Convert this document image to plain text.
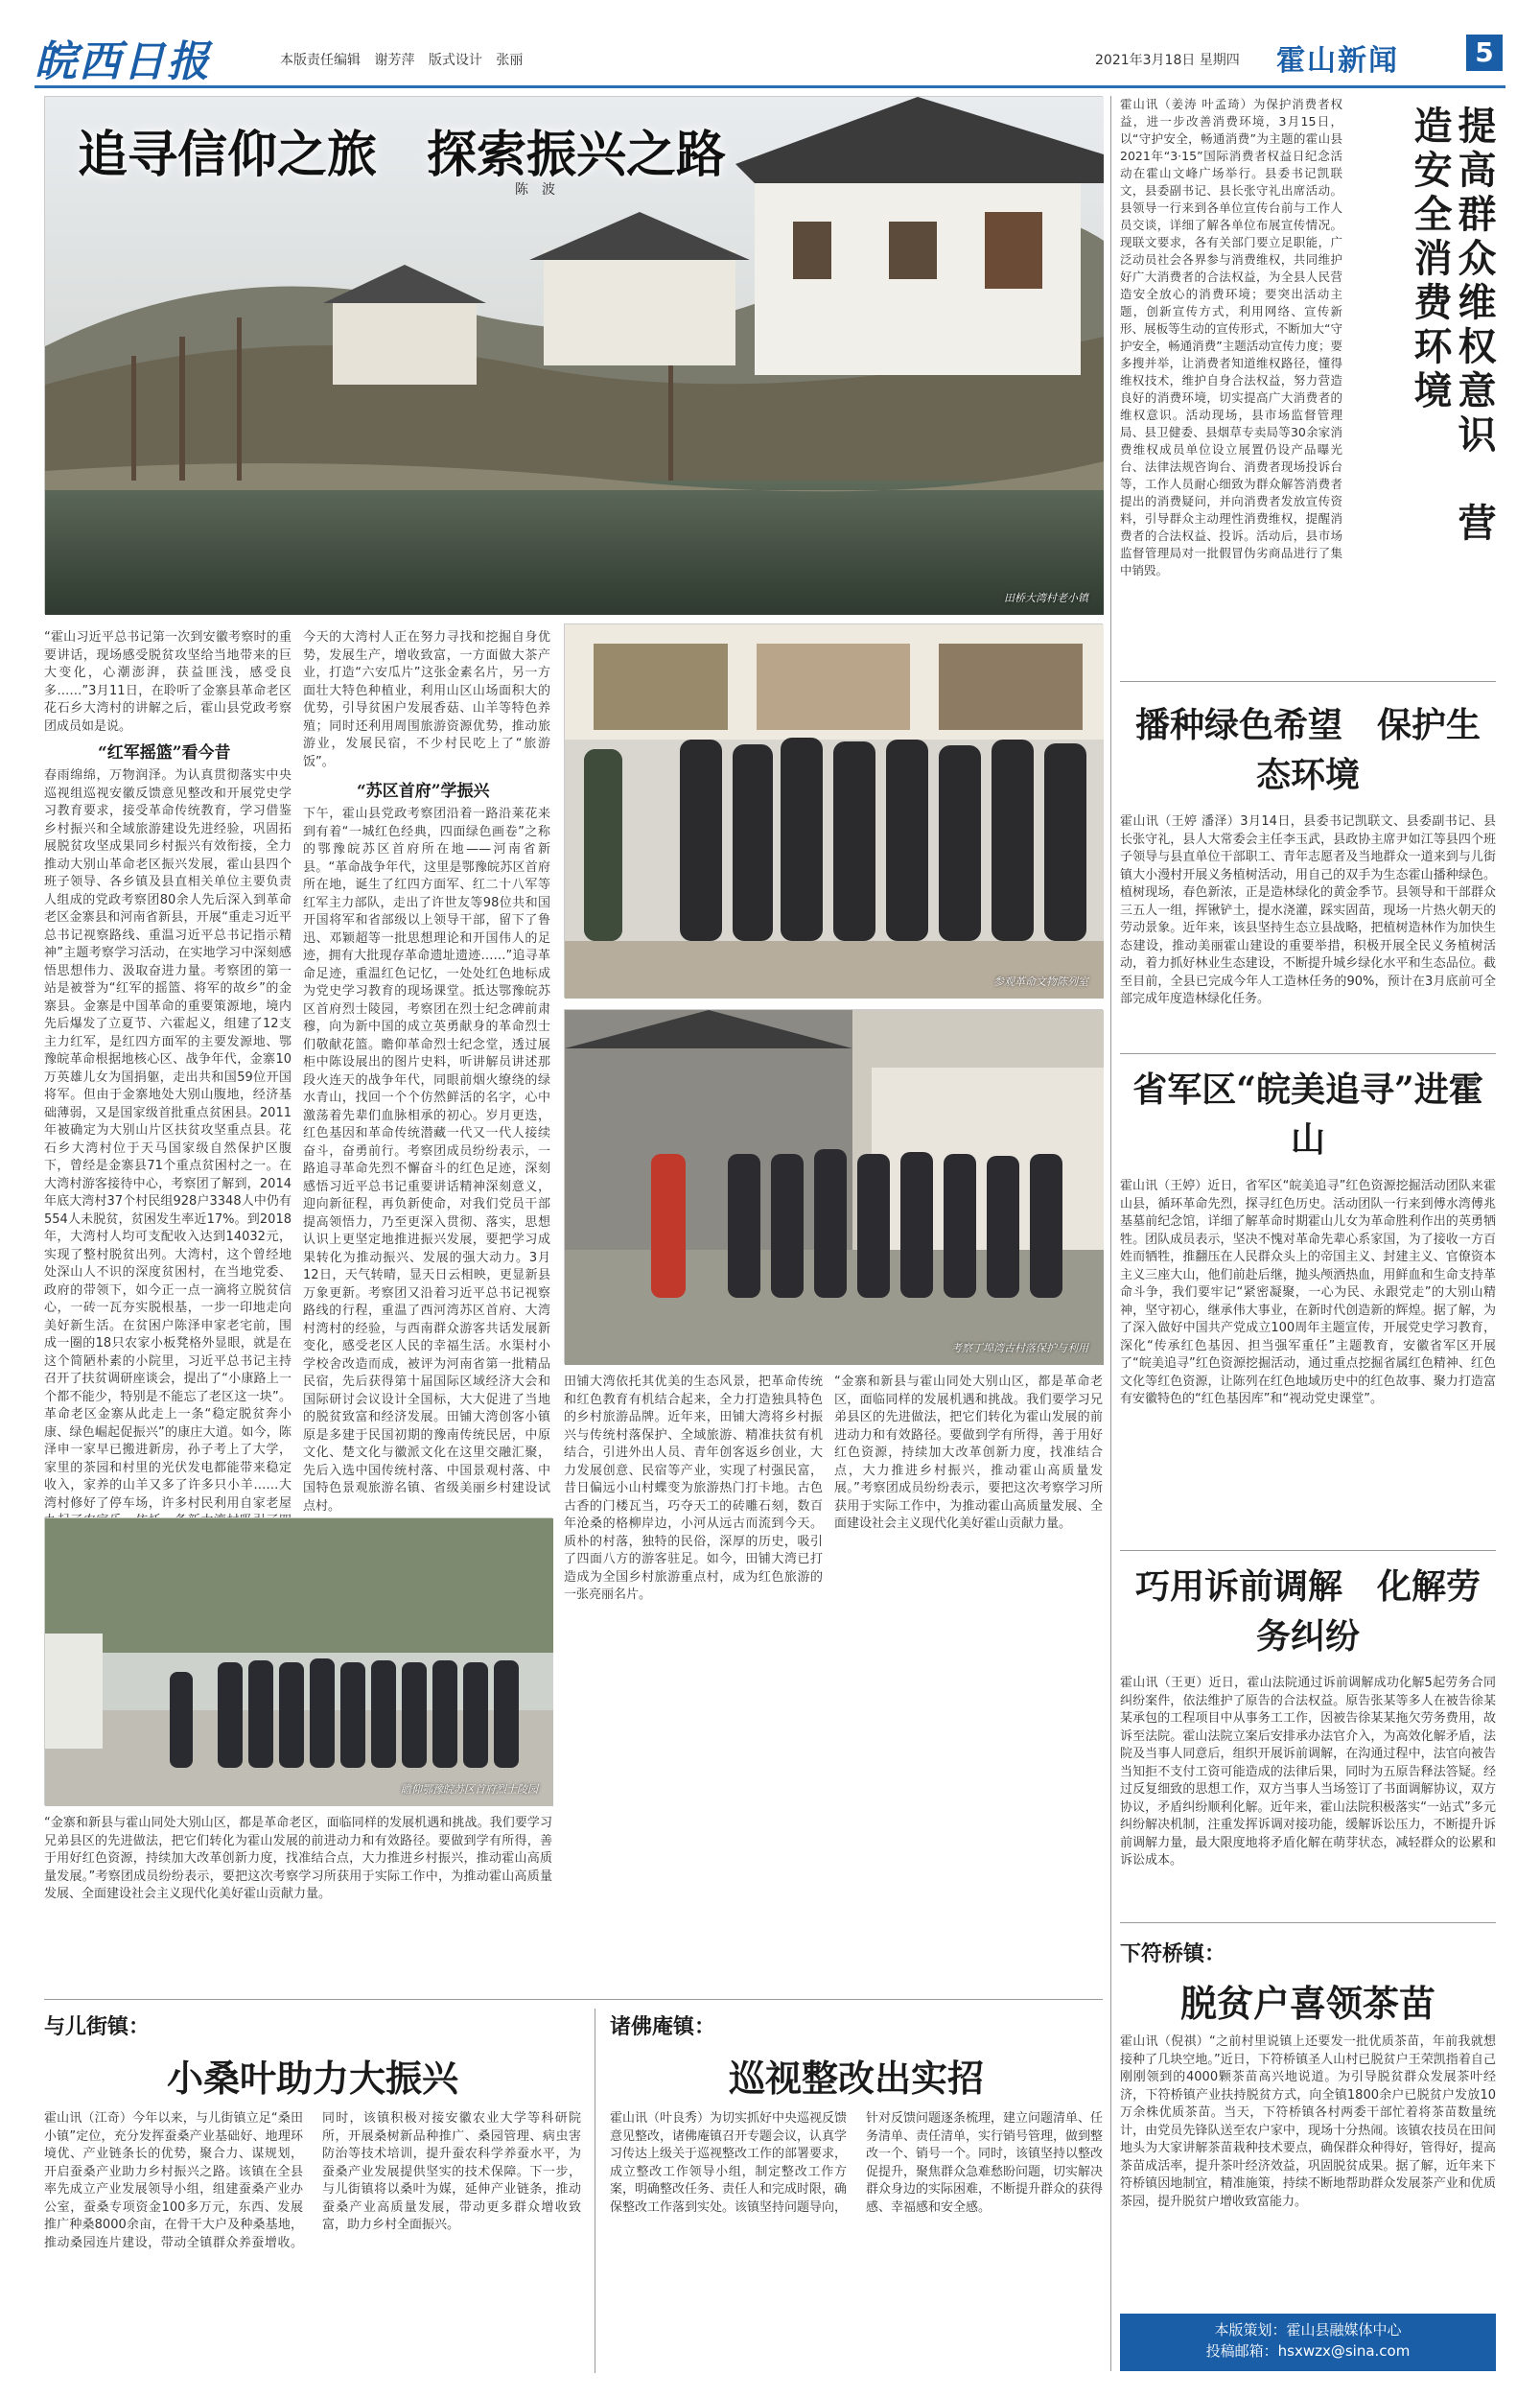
皖西日报	本版责任编辑 谢芳萍 版式设计 张丽	2021年3月18日 星期四 霍山新闻	5
追寻信仰之旅　探索振兴之路
陈　波
田桥大湾村老小镇
霍山讯（姜涛 叶孟琦）为保护消费者权益，进一步改善消费环境，3月15日，以“守护安全，畅通消费”为主题的霍山县2021年“3·15”国际消费者权益日纪念活动在霍山文峰广场举行。县委书记凯联文，县委副书记、县长张守礼出席活动。县领导一行来到各单位宣传台前与工作人员交谈，详细了解各单位布展宣传情况。现联文要求，各有关部门要立足职能，广泛动员社会各界参与消费维权，共同维护好广大消费者的合法权益，为全县人民营造安全放心的消费环境；要突出活动主题，创新宣传方式，利用网络、宣传新形、展板等生动的宣传形式，不断加大“守护安全，畅通消费”主题活动宣传力度；要多搜并举，让消费者知道维权路径，懂得维权技术，维护自身合法权益，努力营造良好的消费环境，切实提高广大消费者的维权意识。活动现场，县市场监督管理局、县卫健委、县烟草专卖局等30余家消费维权成员单位设立展置仍设产品曝光台、法律法规咨询台、消费者现场投诉台等，工作人员耐心细致为群众解答消费者提出的消费疑问，并向消费者发放宣传资料，引导群众主动理性消费维权，提醒消费者的合法权益、投诉。活动后，县市场监督管理局对一批假冒伪劣商品进行了集中销毁。
提高群众维权意识　营造安全消费环境
“霍山习近平总书记第一次到安徽考察时的重要讲话，现场感受脱贫攻坚给当地带来的巨大变化，心潮澎湃，获益匪浅，感受良多……”3月11日，在聆听了金寨县革命老区花石乡大湾村的讲解之后，霍山县党政考察团成员如是说。
“红军摇篮”看今昔
春雨绵绵，万物润泽。为认真贯彻落实中央巡视组巡视安徽反馈意见整改和开展党史学习教育要求，接受革命传统教育，学习借鉴乡村振兴和全域旅游建设先进经验，巩固拓展脱贫攻坚成果同乡村振兴有效衔接，全力推动大别山革命老区振兴发展，霍山县四个班子领导、各乡镇及县直相关单位主要负责人组成的党政考察团80余人先后深入到革命老区金寨县和河南省新县，开展“重走习近平总书记视察路线、重温习近平总书记指示精神”主题考察学习活动，在实地学习中深刻感悟思想伟力、汲取奋进力量。考察团的第一站是被誉为“红军的摇篮、将军的故乡”的金寨县。金寨是中国革命的重要策源地，境内先后爆发了立夏节、六霍起义，组建了12支主力红军，是红四方面军的主要发源地、鄂豫皖革命根据地核心区、战争年代，金寨10万英雄儿女为国捐躯，走出共和国59位开国将军。但由于金寨地处大别山腹地，经济基础薄弱，又是国家级首批重点贫困县。2011年被确定为大别山片区扶贫攻坚重点县。花石乡大湾村位于天马国家级自然保护区腹下，曾经是金寨县71个重点贫困村之一。在大湾村游客接待中心，考察团了解到，2014年底大湾村37个村民组928户3348人中仍有554人未脱贫，贫困发生率近17%。到2018年，大湾村人均可支配收入达到14032元，实现了整村脱贫出列。大湾村，这个曾经地处深山人不识的深度贫困村，在当地党委、政府的带领下，如今正一点一滴将立脱贫信心，一砖一瓦夯实脱根基，一步一印地走向美好新生活。在贫困户陈泽申家老宅前，围成一圈的18只农家小板凳格外显眼，就是在这个简陋朴素的小院里，习近平总书记主持召开了扶贫调研座谈会，提出了“小康路上一个都不能少，特别是不能忘了老区这一块”。革命老区金寨从此走上一条“稳定脱贫奔小康、绿色崛起促振兴”的康庄大道。如今，陈泽申一家早已搬进新房，孙子考上了大学，家里的茶园和村里的光伏发电都能带来稳定收入，家养的山羊又多了许多只小羊……大湾村修好了停车场，许多村民利用自家老屋
今天的大湾村人正在努力寻找和挖掘自身优势，发展生产，增收致富，一方面做大茶产业，打造“六安瓜片”这张金素名片，另一方面壮大特色种植业，利用山区山场面积大的优势，引导贫困户发展香菇、山羊等特色养殖；同时还利用周围旅游资源优势，推动旅游业，发展民宿，不少村民吃上了“旅游饭”。
“苏区首府”学振兴
下午，霍山县党政考察团沿着一路沿莱花来到有着“一城红色经典，四面绿色画卷”之称的鄂豫皖苏区首府所在地——河南省新县。“革命战争年代，这里是鄂豫皖苏区首府所在地，诞生了红四方面军、红二十八军等红军主力部队，走出了许世友等98位共和国开国将军和省部级以上领导干部，留下了鲁迅、邓颖超等一批思想理论和开国伟人的足迹，拥有大批现存革命遗址遗迹……”追寻革命足迹，重温红色记忆，一处处红色地标成为党史学习教育的现场课堂。抵达鄂豫皖苏区首府烈士陵园，考察团在烈士纪念碑前肃穆，向为新中国的成立英勇献身的革命烈士们敬献花篮。瞻仰革命烈士纪念堂，透过展柜中陈设展出的图片史料，听讲解员讲述那段火连天的战争年代，同眼前烟火缭绕的绿水青山，找回一个个仿然鲜活的名字，心中激荡着先辈们血脉相承的初心。岁月更迭，红色基因和革命传统潜藏一代又一代人接续奋斗，奋勇前行。考察团成员纷纷表示，一路追寻革命先烈不懈奋斗的红色足迹，深刻感悟习近平总书记重要讲话精神深刻意义，迎向新征程，再负新使命，对我们党员干部提高领悟力，乃至更深入贯彻、落实，思想认识上更坚定地推进振兴发展，要把学习成果转化为推动振兴、发展的强大动力。3月12日，天气转晴，显天日云相映，更显新县万象更新。考察团又沿着习近平总书记视察路线的行程，重温了西河湾苏区首府、大湾村湾村的经验，与西南群众游客共话发展新变化，感受老区人民的幸福生活。水渠村小学校舍改造而成，被评为河南省第一批精品民宿，先后获得第十届国际区域经济大会和国际研讨会议设计全国标，大大促进了当地的脱贫致富和经济发展。田铺大湾创客小镇原是多建于民国初期的豫南传统民居，中原文化、楚文化与徽派文化在这里交融汇聚，先后入选中国传统村落、中国景观村落、中国特色景观旅游名镇、省级美丽乡村建设试点村。
参观革命文物陈列室
考察丁埠湾古村落保护与利用
田铺大湾依托其优美的生态风景，把革命传统和红色教育有机结合起来，全力打造独具特色的乡村旅游品牌。近年来，田铺大湾将乡村振兴与传统村落保护、全域旅游、精准扶贫有机结合，引进外出人员、青年创客返乡创业，大力发展创意、民宿等产业，实现了村强民富，昔日偏远小山村蝶变为旅游热门打卡地。古色古香的门楼瓦当，巧夺天工的砖雕石刻，数百年沧桑的格柳岸边，小河从远古而流到今天。质朴的村落，独特的民俗，深厚的历史，吸引了四面八方的游客驻足。如今，田铺大湾已打造成为全国乡村旅游重点村，成为红色旅游的一张亮丽名片。
“金寨和新县与霍山同处大别山区，都是革命老区，面临同样的发展机遇和挑战。我们要学习兄弟县区的先进做法，把它们转化为霍山发展的前进动力和有效路径。要做到学有所得，善于用好红色资源，持续加大改革创新力度，找准结合点，大力推进乡村振兴，推动霍山高质量发展。”考察团成员纷纷表示，要把这次考察学习所获用于实际工作中，为推动霍山高质量发展、全面建设社会主义现代化美好霍山贡献力量。
瞻仰鄂豫皖苏区首府烈士陵园
“金寨和新县与霍山同处大别山区，都是革命老区，面临同样的发展机遇和挑战。我们要学习兄弟县区的先进做法，把它们转化为霍山发展的前进动力和有效路径。要做到学有所得，善于用好红色资源，持续加大改革创新力度，找准结合点，大力推进乡村振兴，推动霍山高质量发展。”考察团成员纷纷表示，要把这次考察学习所获用于实际工作中，为推动霍山高质量发展、全面建设社会主义现代化美好霍山贡献力量。
播种绿色希望　保护生态环境
霍山讯（王婷 潘泽）3月14日，县委书记凯联文、县委副书记、县长张守礼，县人大常委会主任李玉武，县政协主席尹如江等县四个班子领导与县直单位干部职工、青年志愿者及当地群众一道来到与儿街镇大小漫村开展义务植树活动，用自己的双手为生态霍山播种绿色。植树现场，春色新浓，正是造林绿化的黄金季节。县领导和干部群众三五人一组，挥锹铲土，提水浇灌，踩实固苗，现场一片热火朝天的劳动景象。近年来，该县坚持生态立县战略，把植树造林作为加快生态建设，推动美丽霍山建设的重要举措，积极开展全民义务植树活动，着力抓好林业生态建设，不断提升城乡绿化水平和生态品位。截至目前，全县已完成今年人工造林任务的90%，预计在3月底前可全部完成年度造林绿化任务。
省军区“皖美追寻”进霍山
霍山讯（王婷）近日，省军区“皖美追寻”红色资源挖掘活动团队来霍山县，循环革命先烈，探寻红色历史。活动团队一行来到傅水湾傅兆基墓前纪念馆，详细了解革命时期霍山儿女为革命胜利作出的英勇牺牲。团队成员表示，坚决不愧对革命先辈心系家国，为了接收一方百姓而牺牲，推翻压在人民群众头上的帝国主义、封建主义、官僚资本主义三座大山，他们前赴后继，抛头颅洒热血，用鲜血和生命支持革命斗争，我们要牢记“紧密凝聚，一心为民、永跟党走”的大别山精神，坚守初心，继承伟大事业，在新时代创造新的辉煌。据了解，为了深入做好中国共产党成立100周年主题宣传，开展党史学习教育，深化“传承红色基因、担当强军重任”主题教育，安徽省军区开展了“皖美追寻”红色资源挖掘活动，通过重点挖掘省属红色精神、红色文化等红色资源，让陈列在红色地域历史中的红色故事、聚力打造富有安徽特色的“红色基因库”和“视动党史课堂”。
巧用诉前调解　化解劳务纠纷
霍山讯（王更）近日，霍山法院通过诉前调解成功化解5起劳务合同纠纷案件，依法维护了原告的合法权益。原告张某等多人在被告徐某某承包的工程项目中从事务工工作，因被告徐某某拖欠劳务费用，故诉至法院。霍山法院立案后安排承办法官介入，为高效化解矛盾，法院及当事人同意后，组织开展诉前调解，在沟通过程中，法官向被告当知拒不支付工资可能造成的法律后果，同时为五原告释法答疑。经过反复细致的思想工作，双方当事人当场签订了书面调解协议，双方协议，矛盾纠纷顺利化解。近年来，霍山法院积极落实“一站式”多元纠纷解决机制，注重发挥诉调对接功能，缓解诉讼压力，不断提升诉前调解力量，最大限度地将矛盾化解在萌芽状态，减轻群众的讼累和诉讼成本。
下符桥镇：
脱贫户喜领茶苗
霍山讯（倪祺）“之前村里说镇上还要发一批优质茶苗，年前我就想接种了几块空地。”近日，下符桥镇圣人山村已脱贫户王荣凯指着自己刚刚领到的4000颗茶苗高兴地说道。为引导脱贫群众发展茶叶经济，下符桥镇产业扶持脱贫方式，向全镇1800余户已脱贫户发放10万余株优质茶苗。当天，下符桥镇各村两委干部忙着将茶苗数量统计，由党员先锋队送至农户家中，现场十分热闹。该镇农技员在田间地头为大家讲解茶苗栽种技术要点，确保群众种得好，管得好，提高茶苗成活率，提升茶叶经济效益，巩固脱贫成果。据了解，近年来下符桥镇因地制宜，精准施策，持续不断地帮助群众发展茶产业和优质茶园，提升脱贫户增收致富能力。
本版策划：霍山县融媒体中心
投稿邮箱：hsxwzx@sina.com
与儿街镇：
小桑叶助力大振兴
霍山讯（江奇）今年以来，与儿街镇立足“桑田小镇”定位，充分发挥蚕桑产业基础好、地理环境优、产业链条长的优势，聚合力、谋规划，开启蚕桑产业助力乡村振兴之路。该镇在全县率先成立产业发展领导小组，组建蚕桑产业办公室，蚕桑专项资金100多万元，东西、发展推广种桑8000余亩，在骨干大户及种桑基地，推动桑园连片建设，带动全镇群众养蚕增收。同时，该镇积极对接安徽农业大学等科研院所，开展桑树新品种推广、桑园管理、病虫害防治等技术培训，提升蚕农科学养蚕水平，为蚕桑产业发展提供坚实的技术保障。下一步，与儿街镇将以桑叶为媒，延伸产业链条，推动蚕桑产业高质量发展，带动更多群众增收致富，助力乡村全面振兴。
诸佛庵镇：
巡视整改出实招
霍山讯（叶良秀）为切实抓好中央巡视反馈意见整改，诸佛庵镇召开专题会议，认真学习传达上级关于巡视整改工作的部署要求，成立整改工作领导小组，制定整改工作方案，明确整改任务、责任人和完成时限，确保整改工作落到实处。该镇坚持问题导向，针对反馈问题逐条梳理，建立问题清单、任务清单、责任清单，实行销号管理，做到整改一个、销号一个。同时，该镇坚持以整改促提升，聚焦群众急难愁盼问题，切实解决群众身边的实际困难，不断提升群众的获得感、幸福感和安全感。
